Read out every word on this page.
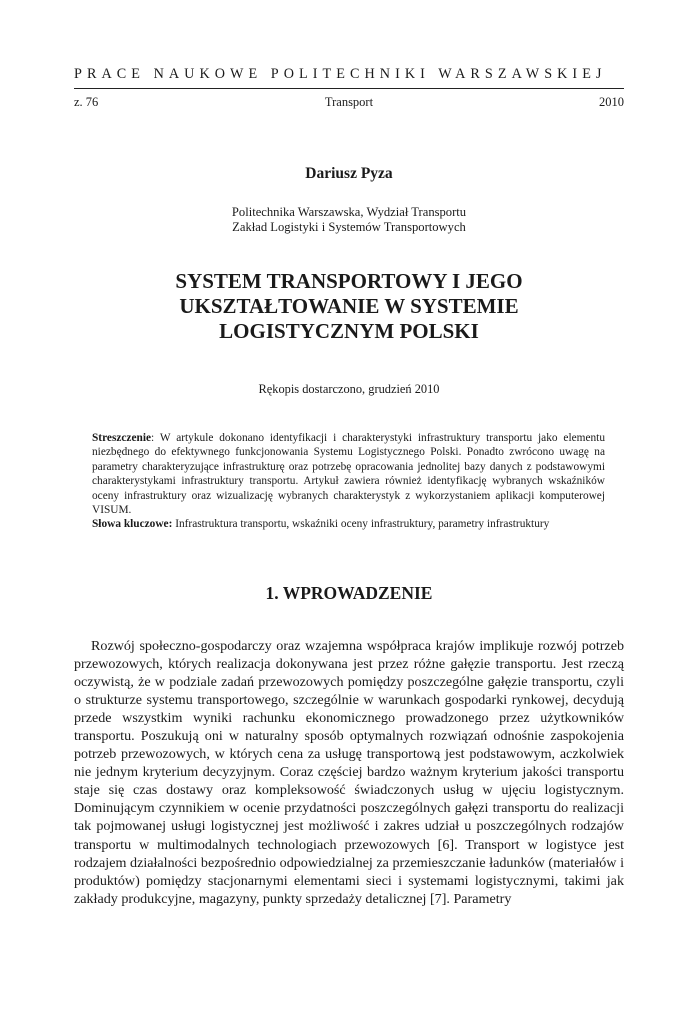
PRACE NAUKOWE POLITECHNIKI WARSZAWSKIEJ
z. 76	Transport	2010
Dariusz Pyza
Politechnika Warszawska, Wydział Transportu
Zakład Logistyki i Systemów Transportowych
SYSTEM TRANSPORTOWY I JEGO
UKSZTAŁTOWANIE W SYSTEMIE
LOGISTYCZNYM POLSKI
Rękopis dostarczono, grudzień 2010

Streszczenie: W artykule dokonano identyfikacji i charakterystyki infrastruktury transportu jako elementu niezbędnego do efektywnego funkcjonowania Systemu Logistycznego Polski. Ponadto zwrócono uwagę na parametry charakteryzujące infrastrukturę oraz potrzebę opracowania jednolitej bazy danych z podstawowymi charakterystykami infrastruktury transportu. Artykuł zawiera również identyfikację wybranych wskaźników oceny infrastruktury oraz wizualizację wybranych charakterystyk z wykorzystaniem aplikacji komputerowej VISUM.

Słowa kluczowe: Infrastruktura transportu, wskaźniki oceny infrastruktury, parametry infrastruktury

1. WPROWADZENIE

Rozwój społeczno-gospodarczy oraz wzajemna współpraca krajów implikuje rozwój potrzeb przewozowych, których realizacja dokonywana jest przez różne gałęzie transportu. Jest rzeczą oczywistą, że w podziale zadań przewozowych pomiędzy poszczególne gałęzie transportu, czyli o strukturze systemu transportowego, szczególnie w warunkach gospodarki rynkowej, decydują przede wszystkim wyniki rachunku ekonomicznego prowadzonego przez użytkowników transportu. Poszukują oni w naturalny sposób optymalnych rozwiązań odnośnie zaspokojenia potrzeb przewozowych, w których cena za usługę transportową jest podstawowym, aczkolwiek nie jednym kryterium decyzyjnym. Coraz częściej bardzo ważnym kryterium jakości transportu staje się czas dostawy oraz kompleksowość świadczonych usług w ujęciu logistycznym. Dominującym czynnikiem w ocenie przydatności poszczególnych gałęzi transportu do realizacji tak pojmowanej usługi logistycznej jest możliwość i zakres udział u poszczególnych rodzajów transportu w multimodalnych technologiach przewozowych [6]. Transport w logistyce jest rodzajem działalności bezpośrednio odpowiedzialnej za przemieszczanie ładunków (materiałów i produktów) pomiędzy stacjonarnymi elementami sieci i systemami logistycznymi, takimi jak zakłady produkcyjne, magazyny, punkty sprzedaży detalicznej [7]. Parametry
